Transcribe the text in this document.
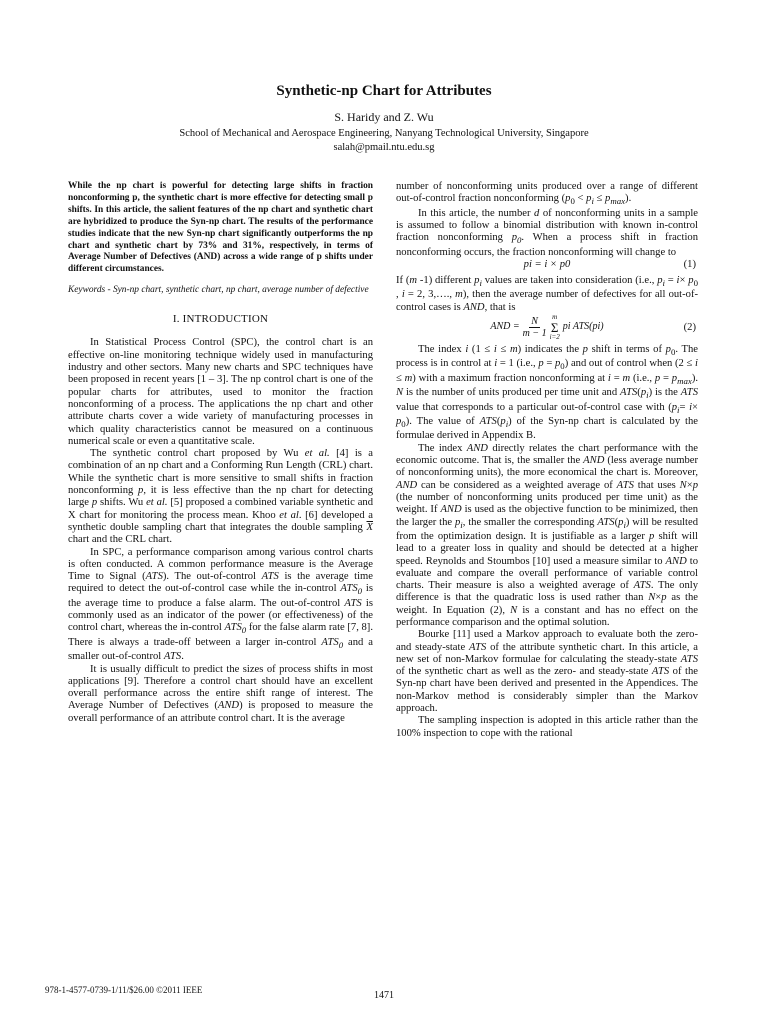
Synthetic-np Chart for Attributes
S. Haridy and Z. Wu
School of Mechanical and Aerospace Engineering, Nanyang Technological University, Singapore
salah@pmail.ntu.edu.sg

While the np chart is powerful for detecting large shifts in fraction nonconforming p, the synthetic chart is more effective for detecting small p shifts. In this article, the salient features of the np chart and synthetic chart are hybridized to produce the Syn-np chart. The results of the performance studies indicate that the new Syn-np chart significantly outperforms the np chart and synthetic chart by 73% and 31%, respectively, in terms of Average Number of Defectives (AND) across a wide range of p shifts under different circumstances.

Keywords - Syn-np chart, synthetic chart, np chart, average number of defective

I. INTRODUCTION

In Statistical Process Control (SPC), the control chart is an effective on-line monitoring technique widely used in manufacturing industry and other sectors. Many new charts and SPC techniques have been proposed in recent years [1 – 3]. The np control chart is one of the popular charts for attributes, used to monitor the fraction nonconforming of a process. The applications the np chart and other attribute charts cover a wide variety of manufacturing processes in which quality characteristics cannot be measured on a continuous numerical scale or even a quantitative scale.

The synthetic control chart proposed by Wu et al. [4] is a combination of an np chart and a Conforming Run Length (CRL) chart. While the synthetic chart is more sensitive to small shifts in fraction nonconforming p, it is less effective than the np chart for detecting large p shifts. Wu et al. [5] proposed a combined variable synthetic and X chart for monitoring the process mean. Khoo et al. [6] developed a synthetic double sampling chart that integrates the double sampling $\overline{X}$ chart and the CRL chart.

In SPC, a performance comparison among various control charts is often conducted. A common performance measure is the Average Time to Signal (ATS). The out-of-control ATS is the average time required to detect the out-of-control case while the in-control $ATS_0$ is the average time to produce a false alarm. The out-of-control ATS is commonly used as an indicator of the power (or effectiveness) of the control chart, whereas the in-control $ATS_0$ for the false alarm rate [7, 8]. There is always a trade-off between a larger in-control $ATS_0$ and a smaller out-of-control ATS.

It is usually difficult to predict the sizes of process shifts in most applications [9]. Therefore a control chart should have an excellent overall performance across the entire shift range of interest. The Average Number of Defectives (AND) is proposed to measure the overall performance of an attribute control chart. It is the average

number of nonconforming units produced over a range of different out-of-control fraction nonconforming $(p_0 < p_i \le p_{max})$.

In this article, the number d of nonconforming units in a sample is assumed to follow a binomial distribution with known in-control fraction nonconforming $p_0$. When a process shift in fraction nonconforming occurs, the fraction nonconforming will change to

pi = i × p0	(1)

If (m -1) different $p_i$ values are taken into consideration (i.e., $p_i = i\times p_0$ , i = 2, 3,…., m), then the average number of defectives for all out-of-control cases is AND, that is

AND = $\frac{N}{m - 1}$ m
Σ
i=2
pi ATS(pi)	(2)

The index i (1 ≤ i ≤ m) indicates the p shift in terms of $p_0$. The process is in control at i = 1 (i.e., $p = p_0$) and out of control when (2 ≤ i ≤ m) with a maximum fraction nonconforming at i = m (i.e., $p = p_{max}$). N is the number of units produced per time unit and $ATS(p_i)$ is the ATS value that corresponds to a particular out-of-control case with $(p_i= i\times p_0)$. The value of $ATS(p_i)$ of the Syn-np chart is calculated by the formulae derived in Appendix B.

The index AND directly relates the chart performance with the economic outcome. That is, the smaller the AND (less average number of nonconforming units), the more economical the chart is. Moreover, AND can be considered as a weighted average of ATS that uses N×p (the number of nonconforming units produced per time unit) as the weight. If AND is used as the objective function to be minimized, then the larger the $p_i$, the smaller the corresponding $ATS(p_i)$ will be resulted from the optimization design. It is justifiable as a larger p shift will lead to a greater loss in quality and should be detected at a higher speed. Reynolds and Stoumbos [10] used a measure similar to AND to evaluate and compare the overall performance of variable control charts. Their measure is also a weighted average of ATS. The only difference is that the quadratic loss is used rather than N×p as the weight. In Equation (2), N is a constant and has no effect on the performance comparison and the optimal solution.

Bourke [11] used a Markov approach to evaluate both the zero- and steady-state ATS of the attribute synthetic chart. In this article, a new set of non-Markov formulae for calculating the steady-state ATS of the synthetic chart as well as the zero- and steady-state ATS of the Syn-np chart have been derived and presented in the Appendices. The non-Markov method is considerably simpler than the Markov approach.

The sampling inspection is adopted in this article rather than the 100% inspection to cope with the rational

978-1-4577-0739-1/11/$26.00 ©2011 IEEE	1471
